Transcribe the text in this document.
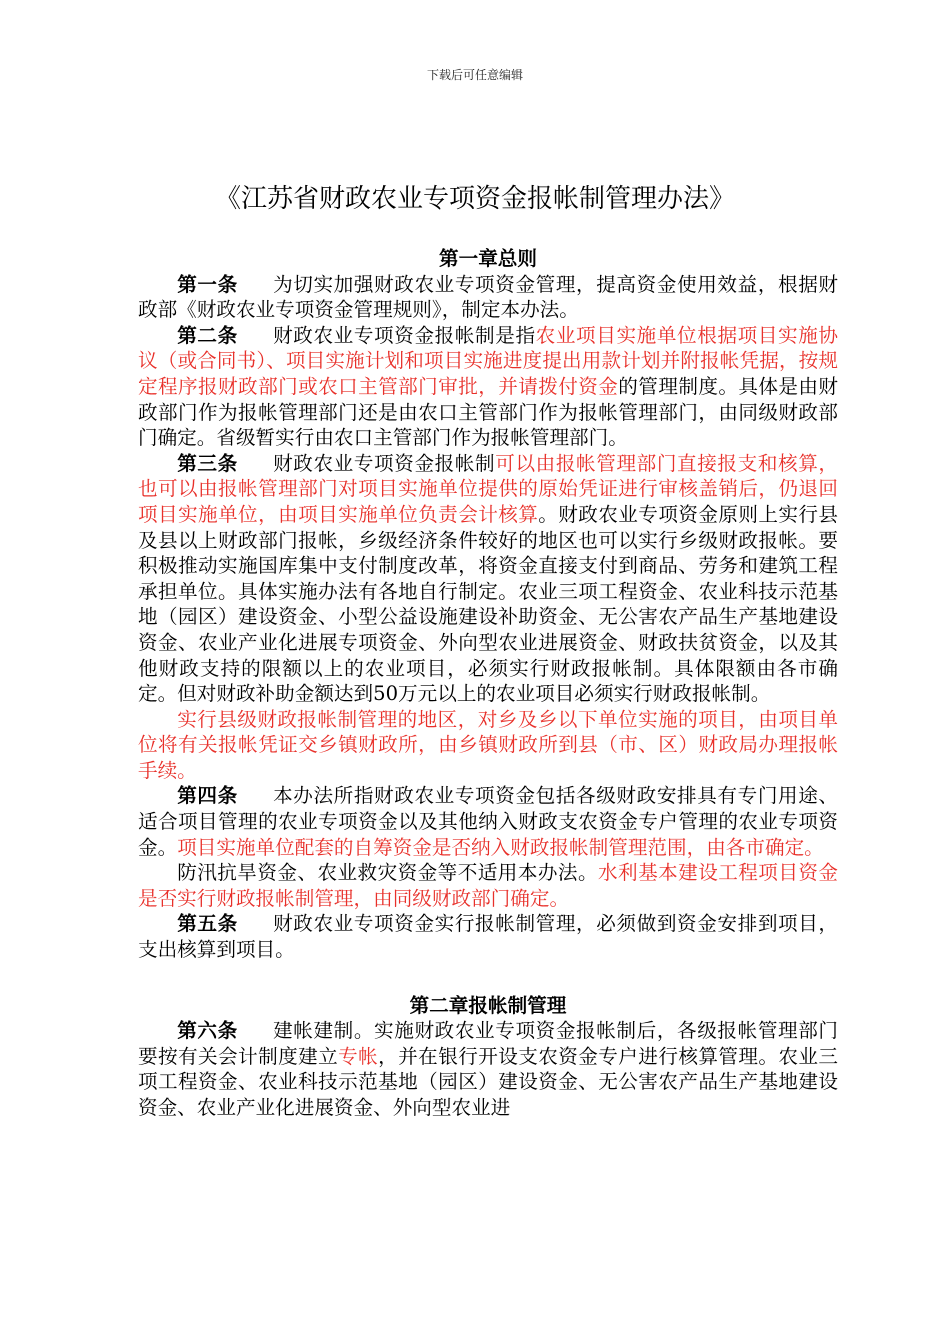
下载后可任意编辑
《江苏省财政农业专项资金报帐制管理办法》
第一章总则

第一条 为切实加强财政农业专项资金管理，提高资金使用效益，根据财政部《财政农业专项资金管理规则》，制定本办法。

第二条 财政农业专项资金报帐制是指农业项目实施单位根据项目实施协议（或合同书）、项目实施计划和项目实施进度提出用款计划并附报帐凭据，按规定程序报财政部门或农口主管部门审批，并请拨付资金的管理制度。具体是由财政部门作为报帐管理部门还是由农口主管部门作为报帐管理部门，由同级财政部门确定。省级暂实行由农口主管部门作为报帐管理部门。

第三条 财政农业专项资金报帐制可以由报帐管理部门直接报支和核算，也可以由报帐管理部门对项目实施单位提供的原始凭证进行审核盖销后，仍退回项目实施单位，由项目实施单位负责会计核算。财政农业专项资金原则上实行县及县以上财政部门报帐，乡级经济条件较好的地区也可以实行乡级财政报帐。要积极推动实施国库集中支付制度改革，将资金直接支付到商品、劳务和建筑工程承担单位。具体实施办法有各地自行制定。农业三项工程资金、农业科技示范基地（园区）建设资金、小型公益设施建设补助资金、无公害农产品生产基地建设资金、农业产业化进展专项资金、外向型农业进展资金、财政扶贫资金，以及其他财政支持的限额以上的农业项目，必须实行财政报帐制。具体限额由各市确定。但对财政补助金额达到50万元以上的农业项目必须实行财政报帐制。

实行县级财政报帐制管理的地区，对乡及乡以下单位实施的项目，由项目单位将有关报帐凭证交乡镇财政所，由乡镇财政所到县（市、区）财政局办理报帐手续。

第四条 本办法所指财政农业专项资金包括各级财政安排具有专门用途、适合项目管理的农业专项资金以及其他纳入财政支农资金专户管理的农业专项资金。项目实施单位配套的自筹资金是否纳入财政报帐制管理范围，由各市确定。

防汛抗旱资金、农业救灾资金等不适用本办法。水利基本建设工程项目资金是否实行财政报帐制管理，由同级财政部门确定。

第五条 财政农业专项资金实行报帐制管理，必须做到资金安排到项目，支出核算到项目。

第二章报帐制管理

第六条 建帐建制。实施财政农业专项资金报帐制后，各级报帐管理部门要按有关会计制度建立专帐，并在银行开设支农资金专户进行核算管理。农业三项工程资金、农业科技示范基地（园区）建设资金、无公害农产品生产基地建设资金、农业产业化进展资金、外向型农业进
